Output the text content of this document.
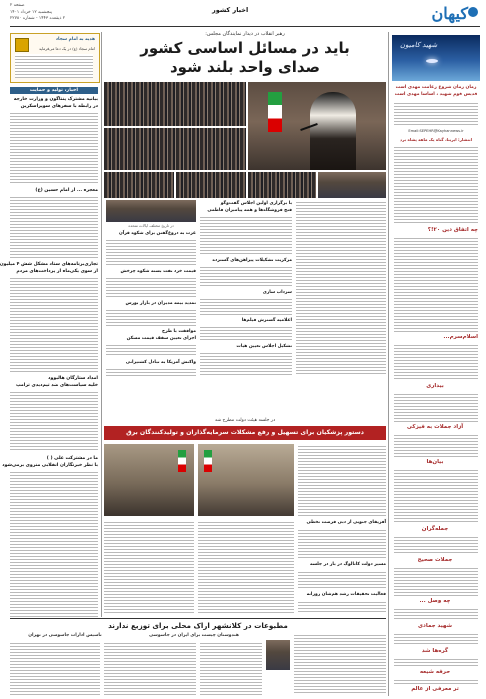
کیهان
اخبار کشور
صفحه ۲
پنجشنبه ۱۲ خرداد ۱۴۰۱
۲ ذیقعده ۱۴۴۳ - شماره ۲۲۷۸۰
شهید کامیون
زمان زمان شروع زعامت مهدی است
قدیس قوم شهید ، اساسا مهدی است
Email:SEPEHR@Kayhannews.ir
انتشار: ایرینا، گناه یک ماهه پشاه برد
چه اتفاق دین ۲۰!؟
اسلام‌سرم...
بیداری
آزاد جملات به فیزکی
بیان‌ها
جمله‌گران
جملات صحیح
چه وصل ...
شهید جمادی
گره‌ها شد
حرفه شیعه
تر معرفی از عالم
هدیه به امام سجاد
امام سجاد (ع) در یک دعا می‌فرماید
اخبار، تولید و حمایت
بیانیه مشترک پنتاگون و وزارت خارجه
در رابطه با سفرهای سوپراسکرین
معجزه ... از امام حسین (ع)
تجاری‌برنامه‌های ستاد مشکل شش ۴ میلیون
از سوی یکی‌ماه از پرداخت‌های مردم
امداد ستارگان هالیوود
خلیه سیاست‌های ضد تیم‌دیدی ترامپ
ما در مشترکت علی ( )
با نظر خبرنگاران انقلابی منزوی برمی‌شود
رهبر انقلاب در دیدار نمایندگان مجلس:
باید در مسائل اساسی کشور
صدای واحد بلند شود
با برگزاری اولین اجلاس گفت‌وگو
فتح فروشگاه‌ها و همه پیامبران فاطمی
مرکزیت تشکیلات پیراهن‌های گسترده
سرداب سازی
اعلامیه گسترش فیلم‌ها
تشکیل اجلاس تعیین هیات
در تاریخ مختلف ایالات متحده
عزت به دروغ‌گفتن برای شکوه قرآن
قیمت خرد نفت بسته شکوه چرخش
تمدید بیمه مدیران در بازار بورس
موافقت با طرح
اجرای تعیین سقف قیمت مسکن
واکنش آمریکا به تبادل کشتیرانی
در جلسه هیئت دولت مطرح شد
دستور پزشکیان برای تسهیل و رفع مشکلات سرمایه‌گذاران و تولیدکنندگان برق
آفریقای جنوبی از دبی فرصت تخطی
مسیر دولت کاتالوگ در باز در جلسه
فعالیت تحقیقات رشد هم‌شان روزانه
مطبوعات در کلانشهر اراک محلی برای توزیع ندارند
هندوستان چیست برای ایران در جاسوسی
تاسیس ادارات جاسوسی در تهران
